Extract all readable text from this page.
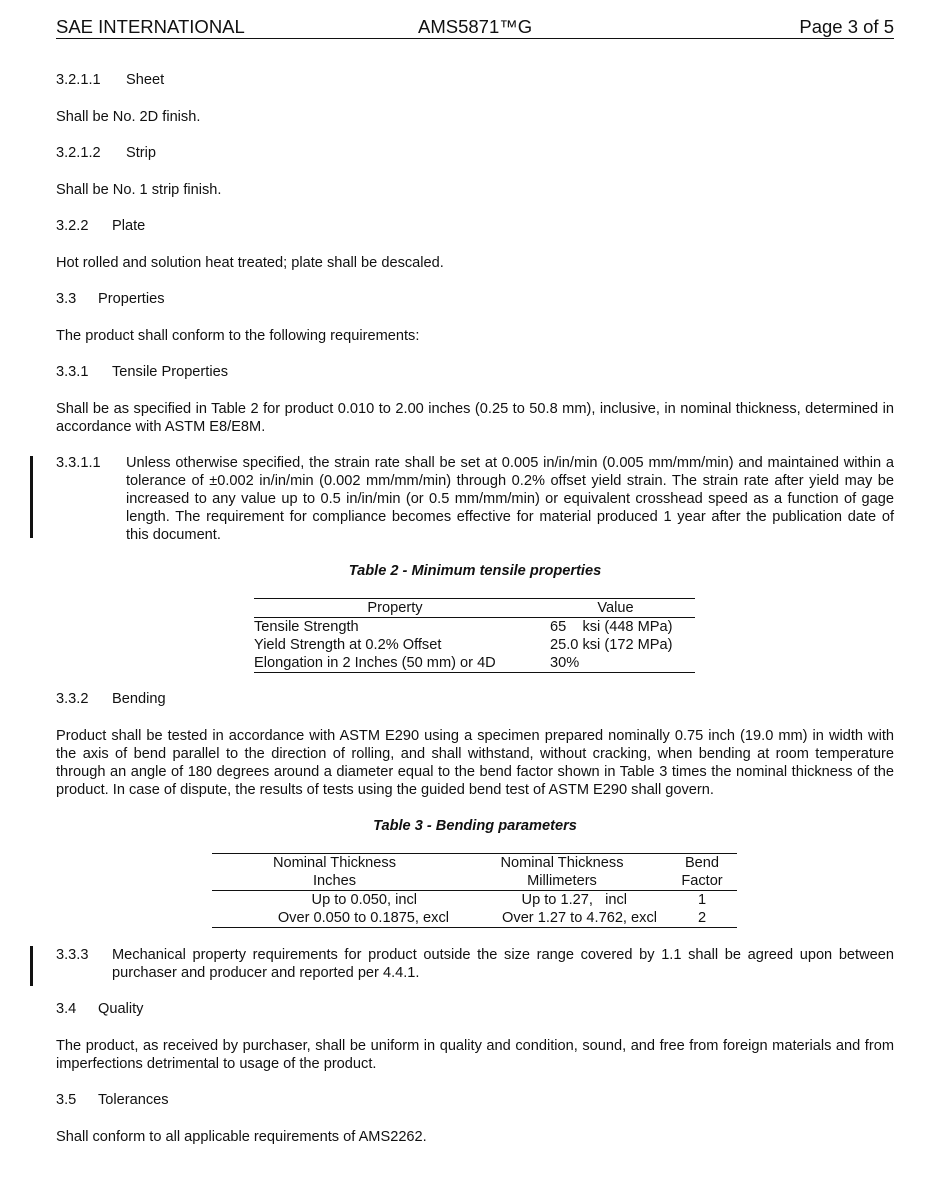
SAE INTERNATIONAL	AMS5871™G	Page 3 of 5
3.2.1.1 Sheet
Shall be No. 2D finish.
3.2.1.2 Strip
Shall be No. 1 strip finish.
3.2.2 Plate
Hot rolled and solution heat treated; plate shall be descaled.
3.3 Properties
The product shall conform to the following requirements:
3.3.1 Tensile Properties
Shall be as specified in Table 2 for product 0.010 to 2.00 inches (0.25 to 50.8 mm), inclusive, in nominal thickness, determined in accordance with ASTM E8/E8M.
3.3.1.1 Unless otherwise specified, the strain rate shall be set at 0.005 in/in/min (0.005 mm/mm/min) and maintained within a tolerance of ±0.002 in/in/min (0.002 mm/mm/min) through 0.2% offset yield strain. The strain rate after yield may be increased to any value up to 0.5 in/in/min (or 0.5 mm/mm/min) or equivalent crosshead speed as a function of gage length. The requirement for compliance becomes effective for material produced 1 year after the publication date of this document.
Table 2 - Minimum tensile properties
Property	Value
Tensile Strength	65    ksi (448 MPa)
Yield Strength at 0.2% Offset	25.0 ksi (172 MPa)
Elongation in 2 Inches (50 mm) or 4D	30%
3.3.2 Bending
Product shall be tested in accordance with ASTM E290 using a specimen prepared nominally 0.75 inch (19.0 mm) in width with the axis of bend parallel to the direction of rolling, and shall withstand, without cracking, when bending at room temperature through an angle of 180 degrees around a diameter equal to the bend factor shown in Table 3 times the nominal thickness of the product. In case of dispute, the results of tests using the guided bend test of ASTM E290 shall govern.
Table 3 - Bending parameters
Nominal Thickness	Nominal Thickness	Bend
Inches	Millimeters	Factor
Up to 0.050, incl	Up to 1.27,   incl	1
Over 0.050 to 0.1875, excl	Over 1.27 to 4.762, excl	2
3.3.3 Mechanical property requirements for product outside the size range covered by 1.1 shall be agreed upon between purchaser and producer and reported per 4.4.1.
3.4 Quality
The product, as received by purchaser, shall be uniform in quality and condition, sound, and free from foreign materials and from imperfections detrimental to usage of the product.
3.5 Tolerances
Shall conform to all applicable requirements of AMS2262.
